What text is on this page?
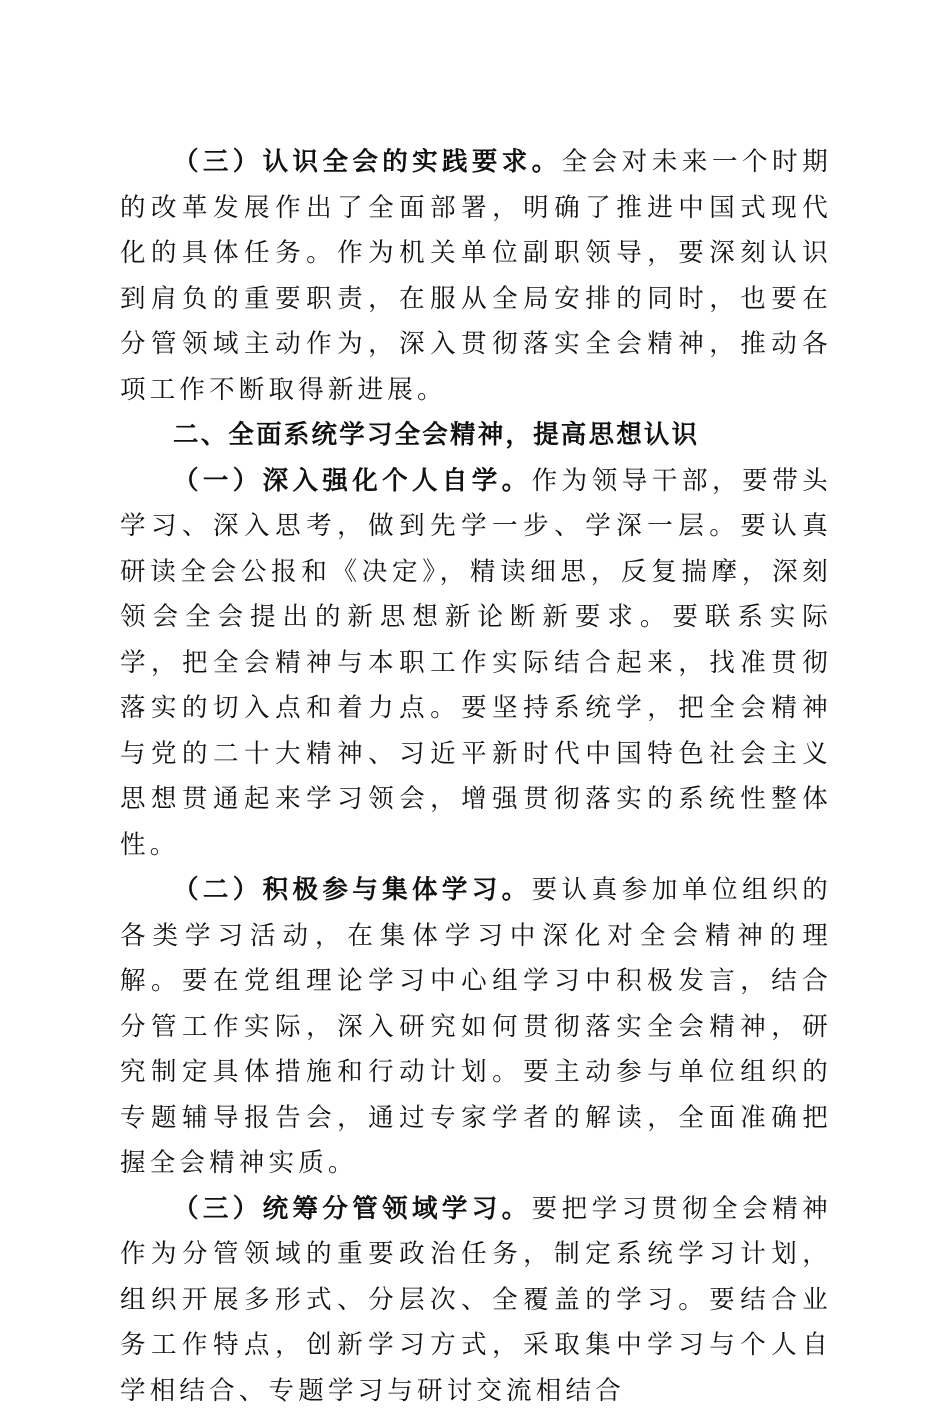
（三）认识全会的实践要求。全会对未来一个时期的改革发展作出了全面部署，明确了推进中国式现代化的具体任务。作为机关单位副职领导，要深刻认识到肩负的重要职责，在服从全局安排的同时，也要在分管领域主动作为，深入贯彻落实全会精神，推动各项工作不断取得新进展。

二、全面系统学习全会精神，提高思想认识

（一）深入强化个人自学。作为领导干部，要带头学习、深入思考，做到先学一步、学深一层。要认真研读全会公报和《决定》，精读细思，反复揣摩，深刻领会全会提出的新思想新论断新要求。要联系实际学，把全会精神与本职工作实际结合起来，找准贯彻落实的切入点和着力点。要坚持系统学，把全会精神与党的二十大精神、习近平新时代中国特色社会主义思想贯通起来学习领会，增强贯彻落实的系统性整体性。

（二）积极参与集体学习。要认真参加单位组织的各类学习活动，在集体学习中深化对全会精神的理解。要在党组理论学习中心组学习中积极发言，结合分管工作实际，深入研究如何贯彻落实全会精神，研究制定具体措施和行动计划。要主动参与单位组织的专题辅导报告会，通过专家学者的解读，全面准确把握全会精神实质。

（三）统筹分管领域学习。要把学习贯彻全会精神作为分管领域的重要政治任务，制定系统学习计划，组织开展多形式、分层次、全覆盖的学习。要结合业务工作特点，创新学习方式，采取集中学习与个人自学相结合、专题学习与研讨交流相结合
